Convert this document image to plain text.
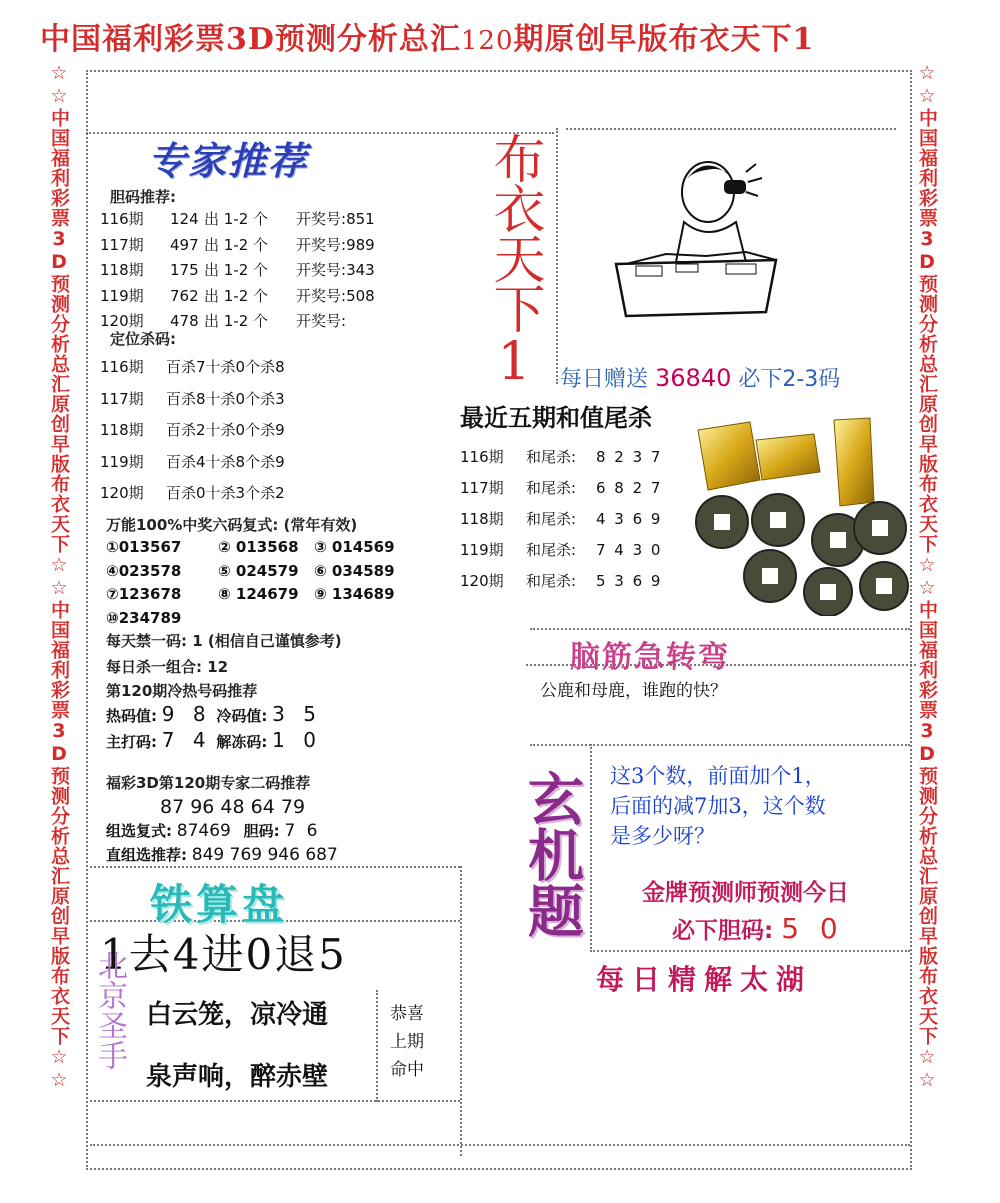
中国福利彩票3D预测分析总汇120期原创早版布衣天下1
☆☆中国福利彩票3D预测分析总汇原创早版布衣天下☆☆中国福利彩票3D预测分析总汇原创早版布衣天下☆☆	☆☆中国福利彩票3D预测分析总汇原创早版布衣天下☆☆中国福利彩票3D预测分析总汇原创早版布衣天下☆☆
专家推荐
胆码推荐:
116期 124 出 1-2 个 开奖号:851
117期 497 出 1-2 个 开奖号:989
118期 175 出 1-2 个 开奖号:343
119期 762 出 1-2 个 开奖号:508
120期 478 出 1-2 个 开奖号:
定位杀码:
116期 百杀7十杀0个杀8
117期 百杀8十杀0个杀3
118期 百杀2十杀0个杀9
119期 百杀4十杀8个杀9
120期 百杀0十杀3个杀2
万能100%中奖六码复式: (常年有效)
①013567 ② 013568 ③ 014569
④023578 ⑤ 024579 ⑥ 034589
⑦123678 ⑧ 124679 ⑨ 134689
⑩234789
每天禁一码: 1 (相信自己谨慎参考)
每日杀一组合: 12
第120期冷热号码推荐
热码值: 9 8 冷码值: 3 5
主打码: 7 4 解冻码: 1 0
福彩3D第120期专家二码推荐
87 96 48 64 79
组选复式: 87469 胆码: 7 6
直组选推荐: 849 769 946 687
布衣天下1 每日赠送 36840 必下2-3码
最近五期和值尾杀
116期 和尾杀: 8 2 3 7
117期 和尾杀: 6 8 2 7
118期 和尾杀: 4 3 6 9
119期 和尾杀: 7 4 3 0
120期 和尾杀: 5 3 6 9
脑筋急转弯
公鹿和母鹿，谁跑的快？
玄机题 这3个数，前面加个1，
后面的减7加3，这个数
是多少呀？
金牌预测师预测今日
必下胆码: 5 0
每日精解太湖
铁算盘
1去4进0退5
北京圣手 白云笼，凉冷通
泉声响，醉赤壁
恭喜
上期
命中
